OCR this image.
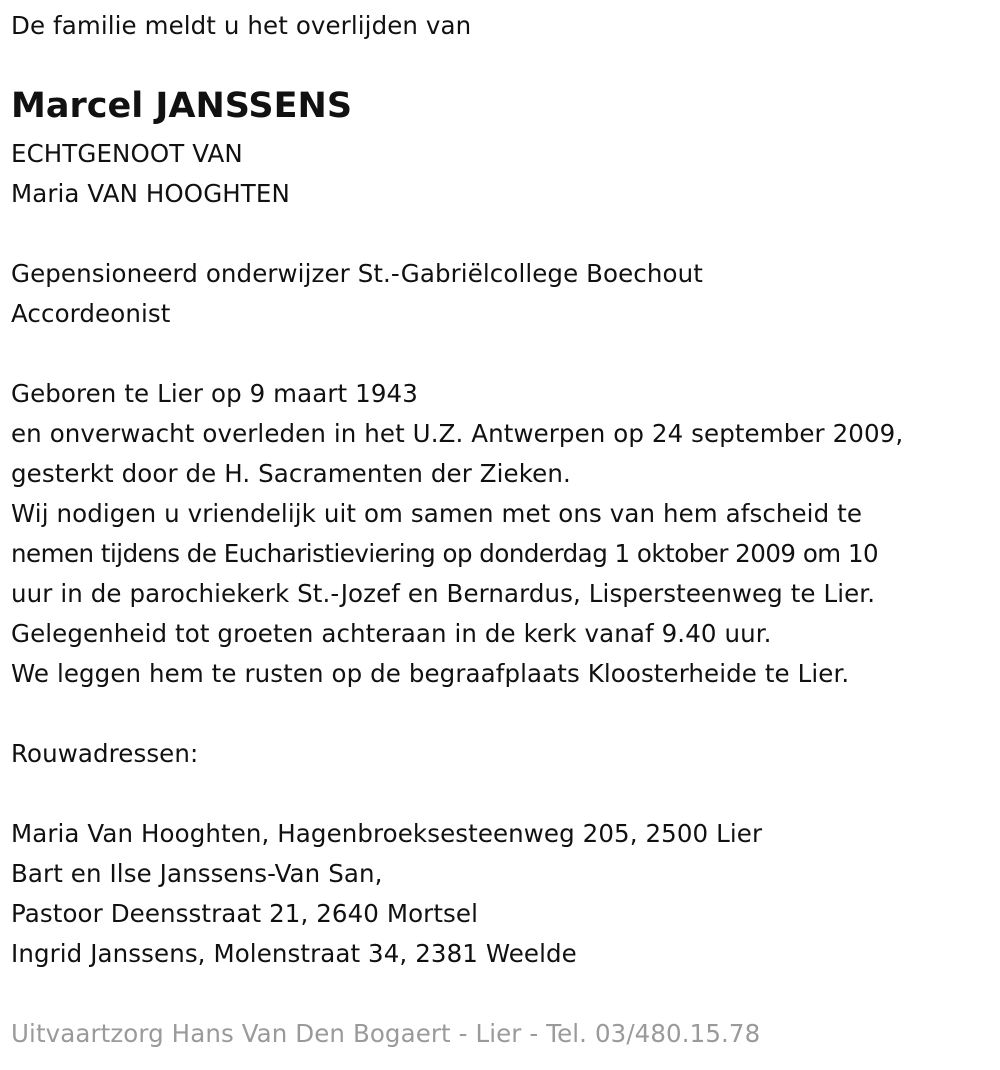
De familie meldt u het overlijden van
Marcel JANSSENS
ECHTGENOOT VAN
Maria VAN HOOGHTEN
Gepensioneerd onderwijzer St.-Gabriëlcollege Boechout
Accordeonist
Geboren te Lier op 9 maart 1943
en onverwacht overleden in het U.Z. Antwerpen op 24 september 2009,
gesterkt door de H. Sacramenten der Zieken.
Wij nodigen u vriendelijk uit om samen met ons van hem afscheid te
nemen tijdens de Eucharistieviering op donderdag 1 oktober 2009 om 10
uur in de parochiekerk St.-Jozef en Bernardus, Lispersteenweg te Lier.
Gelegenheid tot groeten achteraan in de kerk vanaf 9.40 uur.
We leggen hem te rusten op de begraafplaats Kloosterheide te Lier.
Rouwadressen:
Maria Van Hooghten, Hagenbroeksesteenweg 205, 2500 Lier
Bart en Ilse Janssens-Van San,
Pastoor Deensstraat 21, 2640 Mortsel
Ingrid Janssens, Molenstraat 34, 2381 Weelde
Uitvaartzorg Hans Van Den Bogaert - Lier - Tel. 03/480.15.78
